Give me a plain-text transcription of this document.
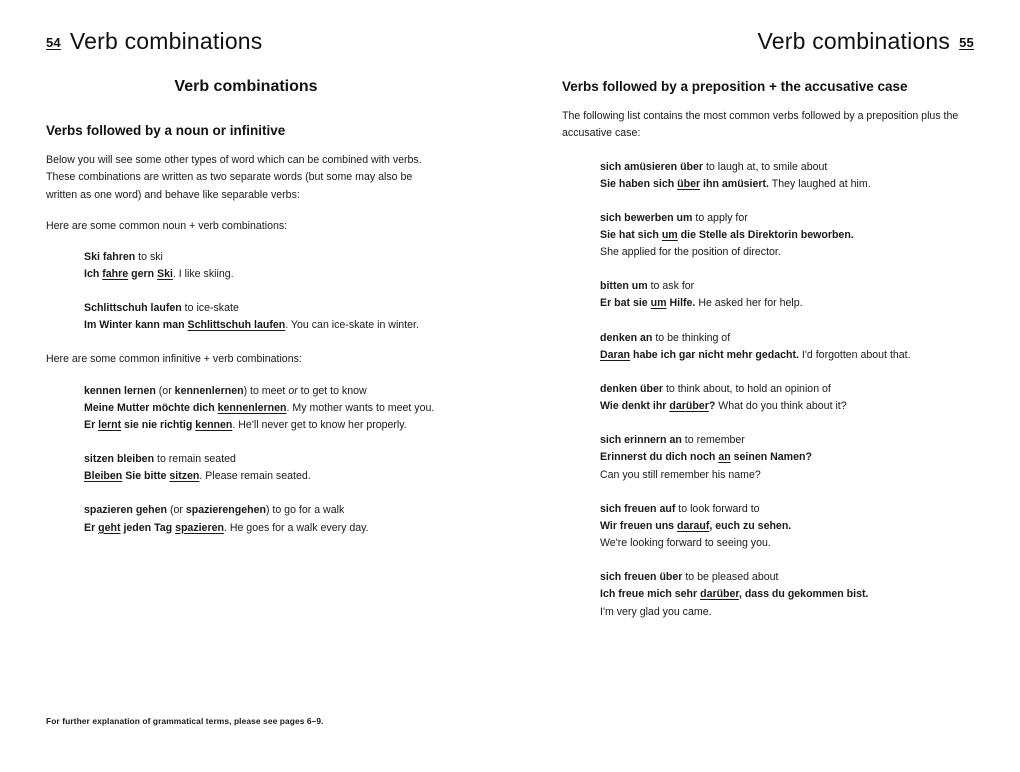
54 Verb combinations	Verb combinations 55
Verb combinations
Verbs followed by a noun or infinitive

Below you will see some other types of word which can be combined with verbs. These combinations are written as two separate words (but some may also be written as one word) and behave like separable verbs:

Here are some common noun + verb combinations:

Ski fahren to ski
Ich fahre gern Ski. I like skiing.
Schlittschuh laufen to ice-skate
Im Winter kann man Schlittschuh laufen. You can ice-skate in winter.

Here are some common infinitive + verb combinations:

kennen lernen (or kennenlernen) to meet or to get to know
Meine Mutter möchte dich kennenlernen. My mother wants to meet you.
Er lernt sie nie richtig kennen. He'll never get to know her properly.
sitzen bleiben to remain seated
Bleiben Sie bitte sitzen. Please remain seated.
spazieren gehen (or spazierengehen) to go for a walk
Er geht jeden Tag spazieren. He goes for a walk every day.
Verbs followed by a preposition + the accusative case

The following list contains the most common verbs followed by a preposition plus the accusative case:

sich amüsieren über to laugh at, to smile about
Sie haben sich über ihn amüsiert. They laughed at him.
sich bewerben um to apply for
Sie hat sich um die Stelle als Direktorin beworben.
She applied for the position of director.
bitten um to ask for
Er bat sie um Hilfe. He asked her for help.
denken an to be thinking of
Daran habe ich gar nicht mehr gedacht. I'd forgotten about that.
denken über to think about, to hold an opinion of
Wie denkt ihr darüber? What do you think about it?
sich erinnern an to remember
Erinnerst du dich noch an seinen Namen?
Can you still remember his name?
sich freuen auf to look forward to
Wir freuen uns darauf, euch zu sehen.
We're looking forward to seeing you.
sich freuen über to be pleased about
Ich freue mich sehr darüber, dass du gekommen bist.
I'm very glad you came.
For further explanation of grammatical terms, please see pages 6–9.
